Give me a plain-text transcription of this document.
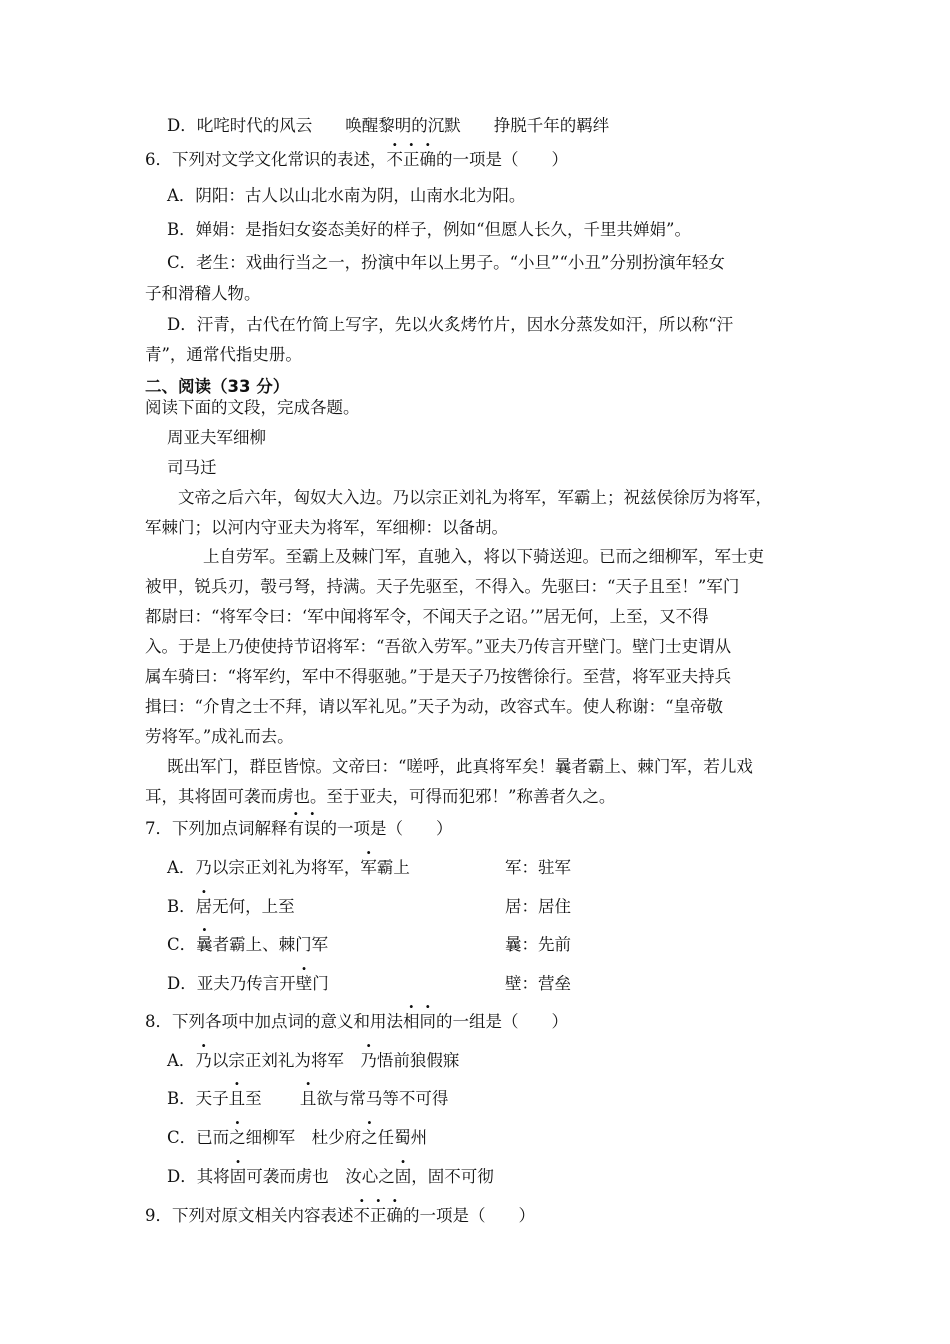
D．叱咤时代的风云　　唤醒黎明的沉默　　挣脱千年的羁绊
6．下列对文学文化常识的表述，不正确的一项是（　　）
A．阴阳：古人以山北水南为阴，山南水北为阳。
B．婵娟：是指妇女姿态美好的样子，例如“但愿人长久，千里共婵娟”。
C．老生：戏曲行当之一，扮演中年以上男子。“小旦”“小丑”分别扮演年轻女
子和滑稽人物。
D．汗青，古代在竹简上写字，先以火炙烤竹片，因水分蒸发如汗，所以称“汗
青”，通常代指史册。
二、阅读（33 分）
阅读下面的文段，完成各题。
周亚夫军细柳
司马迁
文帝之后六年，匈奴大入边。乃以宗正刘礼为将军，军霸上；祝兹侯徐厉为将军，
军棘门；以河内守亚夫为将军，军细柳：以备胡。
上自劳军。至霸上及棘门军，直驰入，将以下骑送迎。已而之细柳军，军士吏
被甲，锐兵刃，彀弓弩，持满。天子先驱至，不得入。先驱曰：“天子且至！”军门
都尉曰：“将军令曰：‘军中闻将军令，不闻天子之诏。’”居无何，上至，又不得
入。于是上乃使使持节诏将军：“吾欲入劳军。”亚夫乃传言开壁门。壁门士吏谓从
属车骑曰：“将军约，军中不得驱驰。”于是天子乃按辔徐行。至营，将军亚夫持兵
揖曰：“介胄之士不拜，请以军礼见。”天子为动，改容式车。使人称谢：“皇帝敬
劳将军。”成礼而去。
既出军门，群臣皆惊。文帝曰：“嗟呼，此真将军矣！曩者霸上、棘门军，若儿戏
耳，其将固可袭而虏也。至于亚夫，可得而犯邪！”称善者久之。
7．下列加点词解释有误的一项是（　　）
A．乃以宗正刘礼为将军，军霸上	军：驻军
B．居无何，上至	居：居住
C．曩者霸上、棘门军	曩：先前
D．亚夫乃传言开壁门	壁：营垒
8．下列各项中加点词的意义和用法相同的一组是（　　）
A．乃以宗正刘礼为将军　乃悟前狼假寐
B．天子且至　　 且欲与常马等不可得
C．已而之细柳军　杜少府之任蜀州
D．其将固可袭而虏也　汝心之固，固不可彻
9．下列对原文相关内容表述不正确的一项是（　　）
